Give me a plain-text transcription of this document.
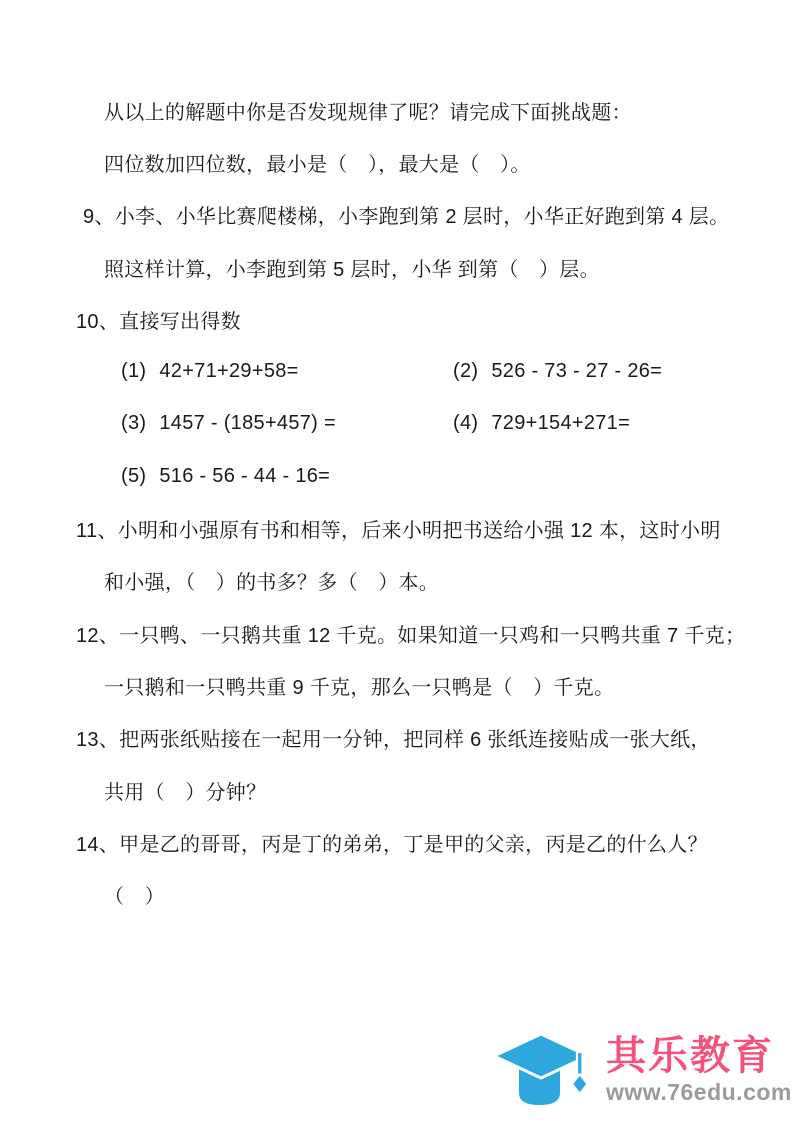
从以上的解题中你是否发现规律了呢？请完成下面挑战题：
四位数加四位数，最小是（　），最大是（　）。
9、小李、小华比赛爬楼梯，小李跑到第 2 层时，小华正好跑到第 4 层。
照这样计算，小李跑到第 5 层时，小华 到第（　）层。
10、直接写出得数
(1) 42+71+29+58=	(2) 526 - 73 - 27 - 26=
(3) 1457 - (185+457) =	(4) 729+154+271=
(5) 516 - 56 - 44 - 16=
11、小明和小强原有书和相等，后来小明把书送给小强 12 本，这时小明
和小强，（　）的书多？多（　）本。
12、一只鸭、一只鹅共重 12 千克。如果知道一只鸡和一只鸭共重 7 千克；
一只鹅和一只鸭共重 9 千克，那么一只鸭是（　）千克。
13、把两张纸贴接在一起用一分钟，把同样 6 张纸连接贴成一张大纸，
共用（　）分钟？
14、甲是乙的哥哥，丙是丁的弟弟，丁是甲的父亲，丙是乙的什么人？
（　）
其乐教育
www.76edu.com
